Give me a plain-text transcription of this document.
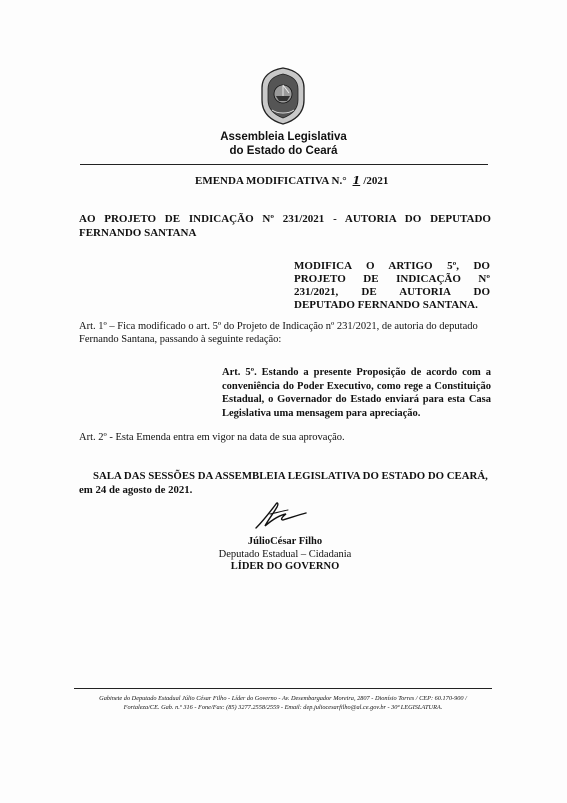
Assembleia Legislativa
do Estado do Ceará
EMENDA MODIFICATIVA N.° 1 /2021
AO PROJETO DE INDICAÇÃO Nº 231/2021 - AUTORIA DO DEPUTADO FERNANDO SANTANA
MODIFICA O ARTIGO 5º, DO PROJETO DE INDICAÇÃO Nº 231/2021, DE AUTORIA DO DEPUTADO FERNANDO SANTANA.
Art. 1º – Fica modificado o art. 5º do Projeto de Indicação nº 231/2021, de autoria do deputado Fernando Santana, passando à seguinte redação:
Art. 5º. Estando a presente Proposição de acordo com a conveniência do Poder Executivo, como rege a Constituição Estadual, o Governador do Estado enviará para esta Casa Legislativa uma mensagem para apreciação.
Art. 2º - Esta Emenda entra em vigor na data de sua aprovação.
SALA DAS SESSÕES DA ASSEMBLEIA LEGISLATIVA DO ESTADO DO CEARÁ, em 24 de agosto de 2021.
JúlioCésar Filho
Deputado Estadual – Cidadania
LÍDER DO GOVERNO
Gabinete do Deputado Estadual Júlio César Filho - Líder do Governo - Av. Desembargador Moreira, 2807 - Dionísio Torres / CEP: 60.170-900 /
Fortaleza/CE. Gab. n.º 316 - Fone/Fax: (85) 3277.2558/2559 - Email: dep.juliocesarfilho@al.ce.gov.br - 30ª LEGISLATURA.
